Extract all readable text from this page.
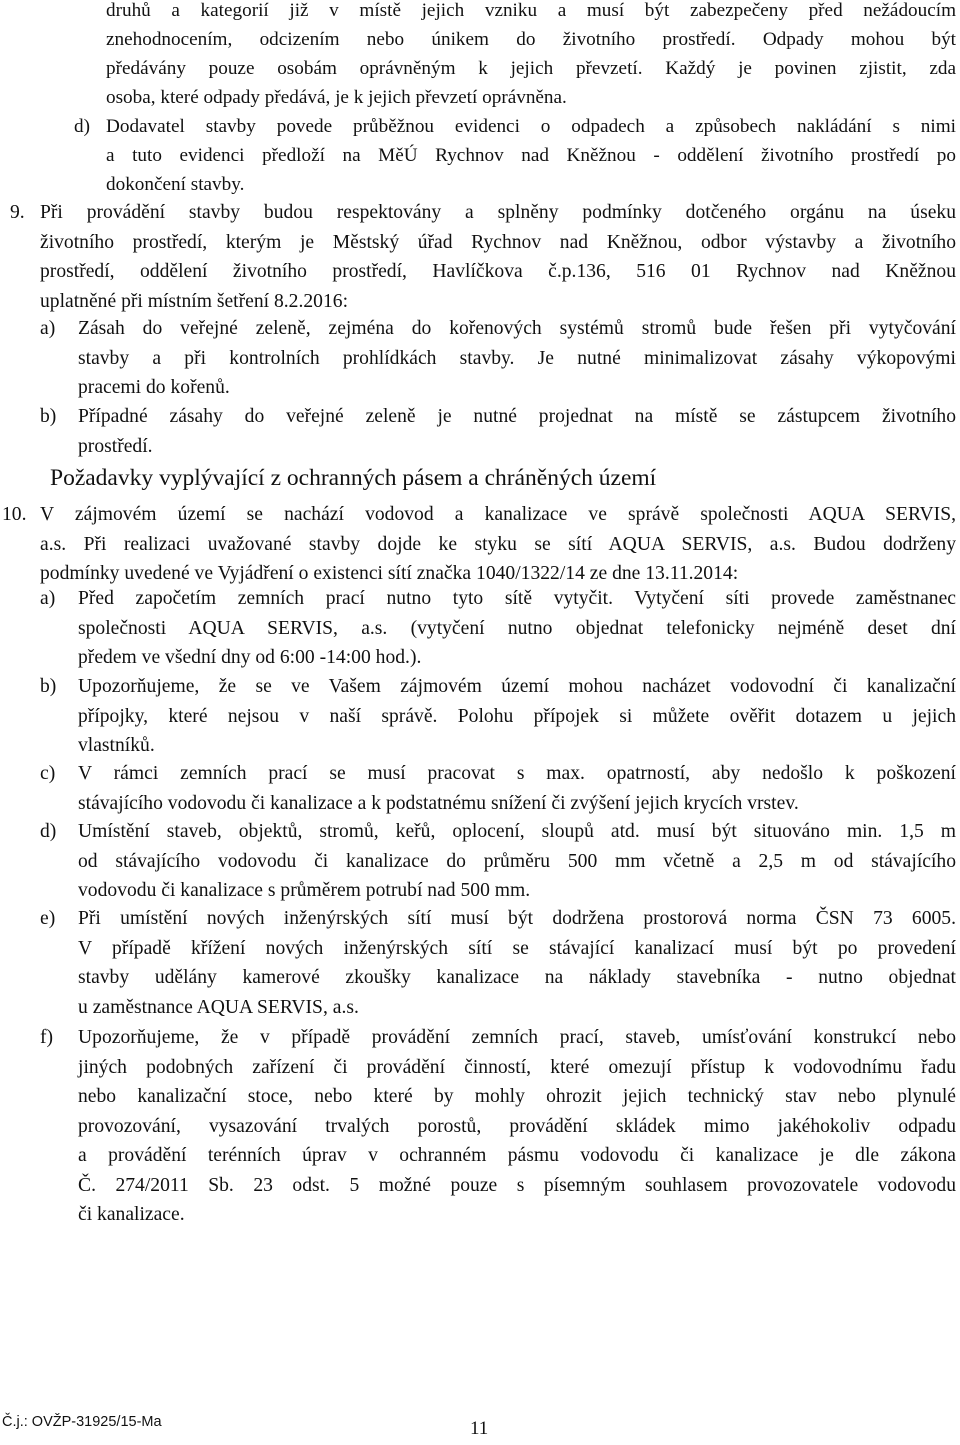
druhů a kategorií již v místě jejich vzniku a musí být zabezpečeny před nežádoucím

znehodnocením, odcizením nebo únikem do životního prostředí. Odpady mohou být

předávány pouze osobám oprávněným k jejich převzetí. Každý je povinen zjistit, zda

osoba, které odpady předává, je k jejich převzetí oprávněna.

d) Dodavatel stavby povede průběžnou evidenci o odpadech a způsobech nakládání s nimi

a tuto evidenci předloží na MěÚ Rychnov nad Kněžnou - oddělení životního prostředí po

dokončení stavby.

9. Při provádění stavby budou respektovány a splněny podmínky dotčeného orgánu na úseku

životního prostředí, kterým je Městský úřad Rychnov nad Kněžnou, odbor výstavby a životního

prostředí, oddělení životního prostředí, Havlíčkova č.p.136, 516 01 Rychnov nad Kněžnou

uplatněné při místním šetření 8.2.2016:

a) Zásah do veřejné zeleně, zejména do kořenových systémů stromů bude řešen při vytyčování

stavby a při kontrolních prohlídkách stavby. Je nutné minimalizovat zásahy výkopovými

pracemi do kořenů.

b) Případné zásahy do veřejné zeleně je nutné projednat na místě se zástupcem životního

prostředí.

Požadavky vyplývající z ochranných pásem a chráněných území
10. V zájmovém území se nachází vodovod a kanalizace ve správě společnosti AQUA SERVIS,

a.s. Při realizaci uvažované stavby dojde ke styku se sítí AQUA SERVIS, a.s. Budou dodrženy

podmínky uvedené ve Vyjádření o existenci sítí značka 1040/1322/14 ze dne 13.11.2014:

a) Před započetím zemních prací nutno tyto sítě vytyčit. Vytyčení síti provede zaměstnanec

společnosti AQUA SERVIS, a.s. (vytyčení nutno objednat telefonicky nejméně deset dní

předem ve všední dny od 6:00 -14:00 hod.).

b) Upozorňujeme, že se ve Vašem zájmovém území mohou nacházet vodovodní či kanalizační

přípojky, které nejsou v naší správě. Polohu přípojek si můžete ověřit dotazem u jejich

vlastníků.

c) V rámci zemních prací se musí pracovat s max. opatrností, aby nedošlo k poškození

stávajícího vodovodu či kanalizace a k podstatnému snížení či zvýšení jejich krycích vrstev.

d) Umístění staveb, objektů, stromů, keřů, oplocení, sloupů atd. musí být situováno min. 1,5 m

od stávajícího vodovodu či kanalizace do průměru 500 mm včetně a 2,5 m od stávajícího

vodovodu či kanalizace s průměrem potrubí nad 500 mm.

e) Při umístění nových inženýrských sítí musí být dodržena prostorová norma ČSN 73 6005.

V případě křížení nových inženýrských sítí se stávající kanalizací musí být po provedení

stavby udělány kamerové zkoušky kanalizace na náklady stavebníka - nutno objednat

u zaměstnance AQUA SERVIS, a.s.

f) Upozorňujeme, že v případě provádění zemních prací, staveb, umísťování konstrukcí nebo

jiných podobných zařízení či provádění činností, které omezují přístup k vodovodnímu řadu

nebo kanalizační stoce, nebo které by mohly ohrozit jejich technický stav nebo plynulé

provozování, vysazování trvalých porostů, provádění skládek mimo jakéhokoliv odpadu

a provádění terénních úprav v ochranném pásmu vodovodu či kanalizace je dle zákona

Č. 274/2011 Sb. 23 odst. 5 možné pouze s písemným souhlasem provozovatele vodovodu

či kanalizace.

Č.j.: OVŽP-31925/15-Ma	11
